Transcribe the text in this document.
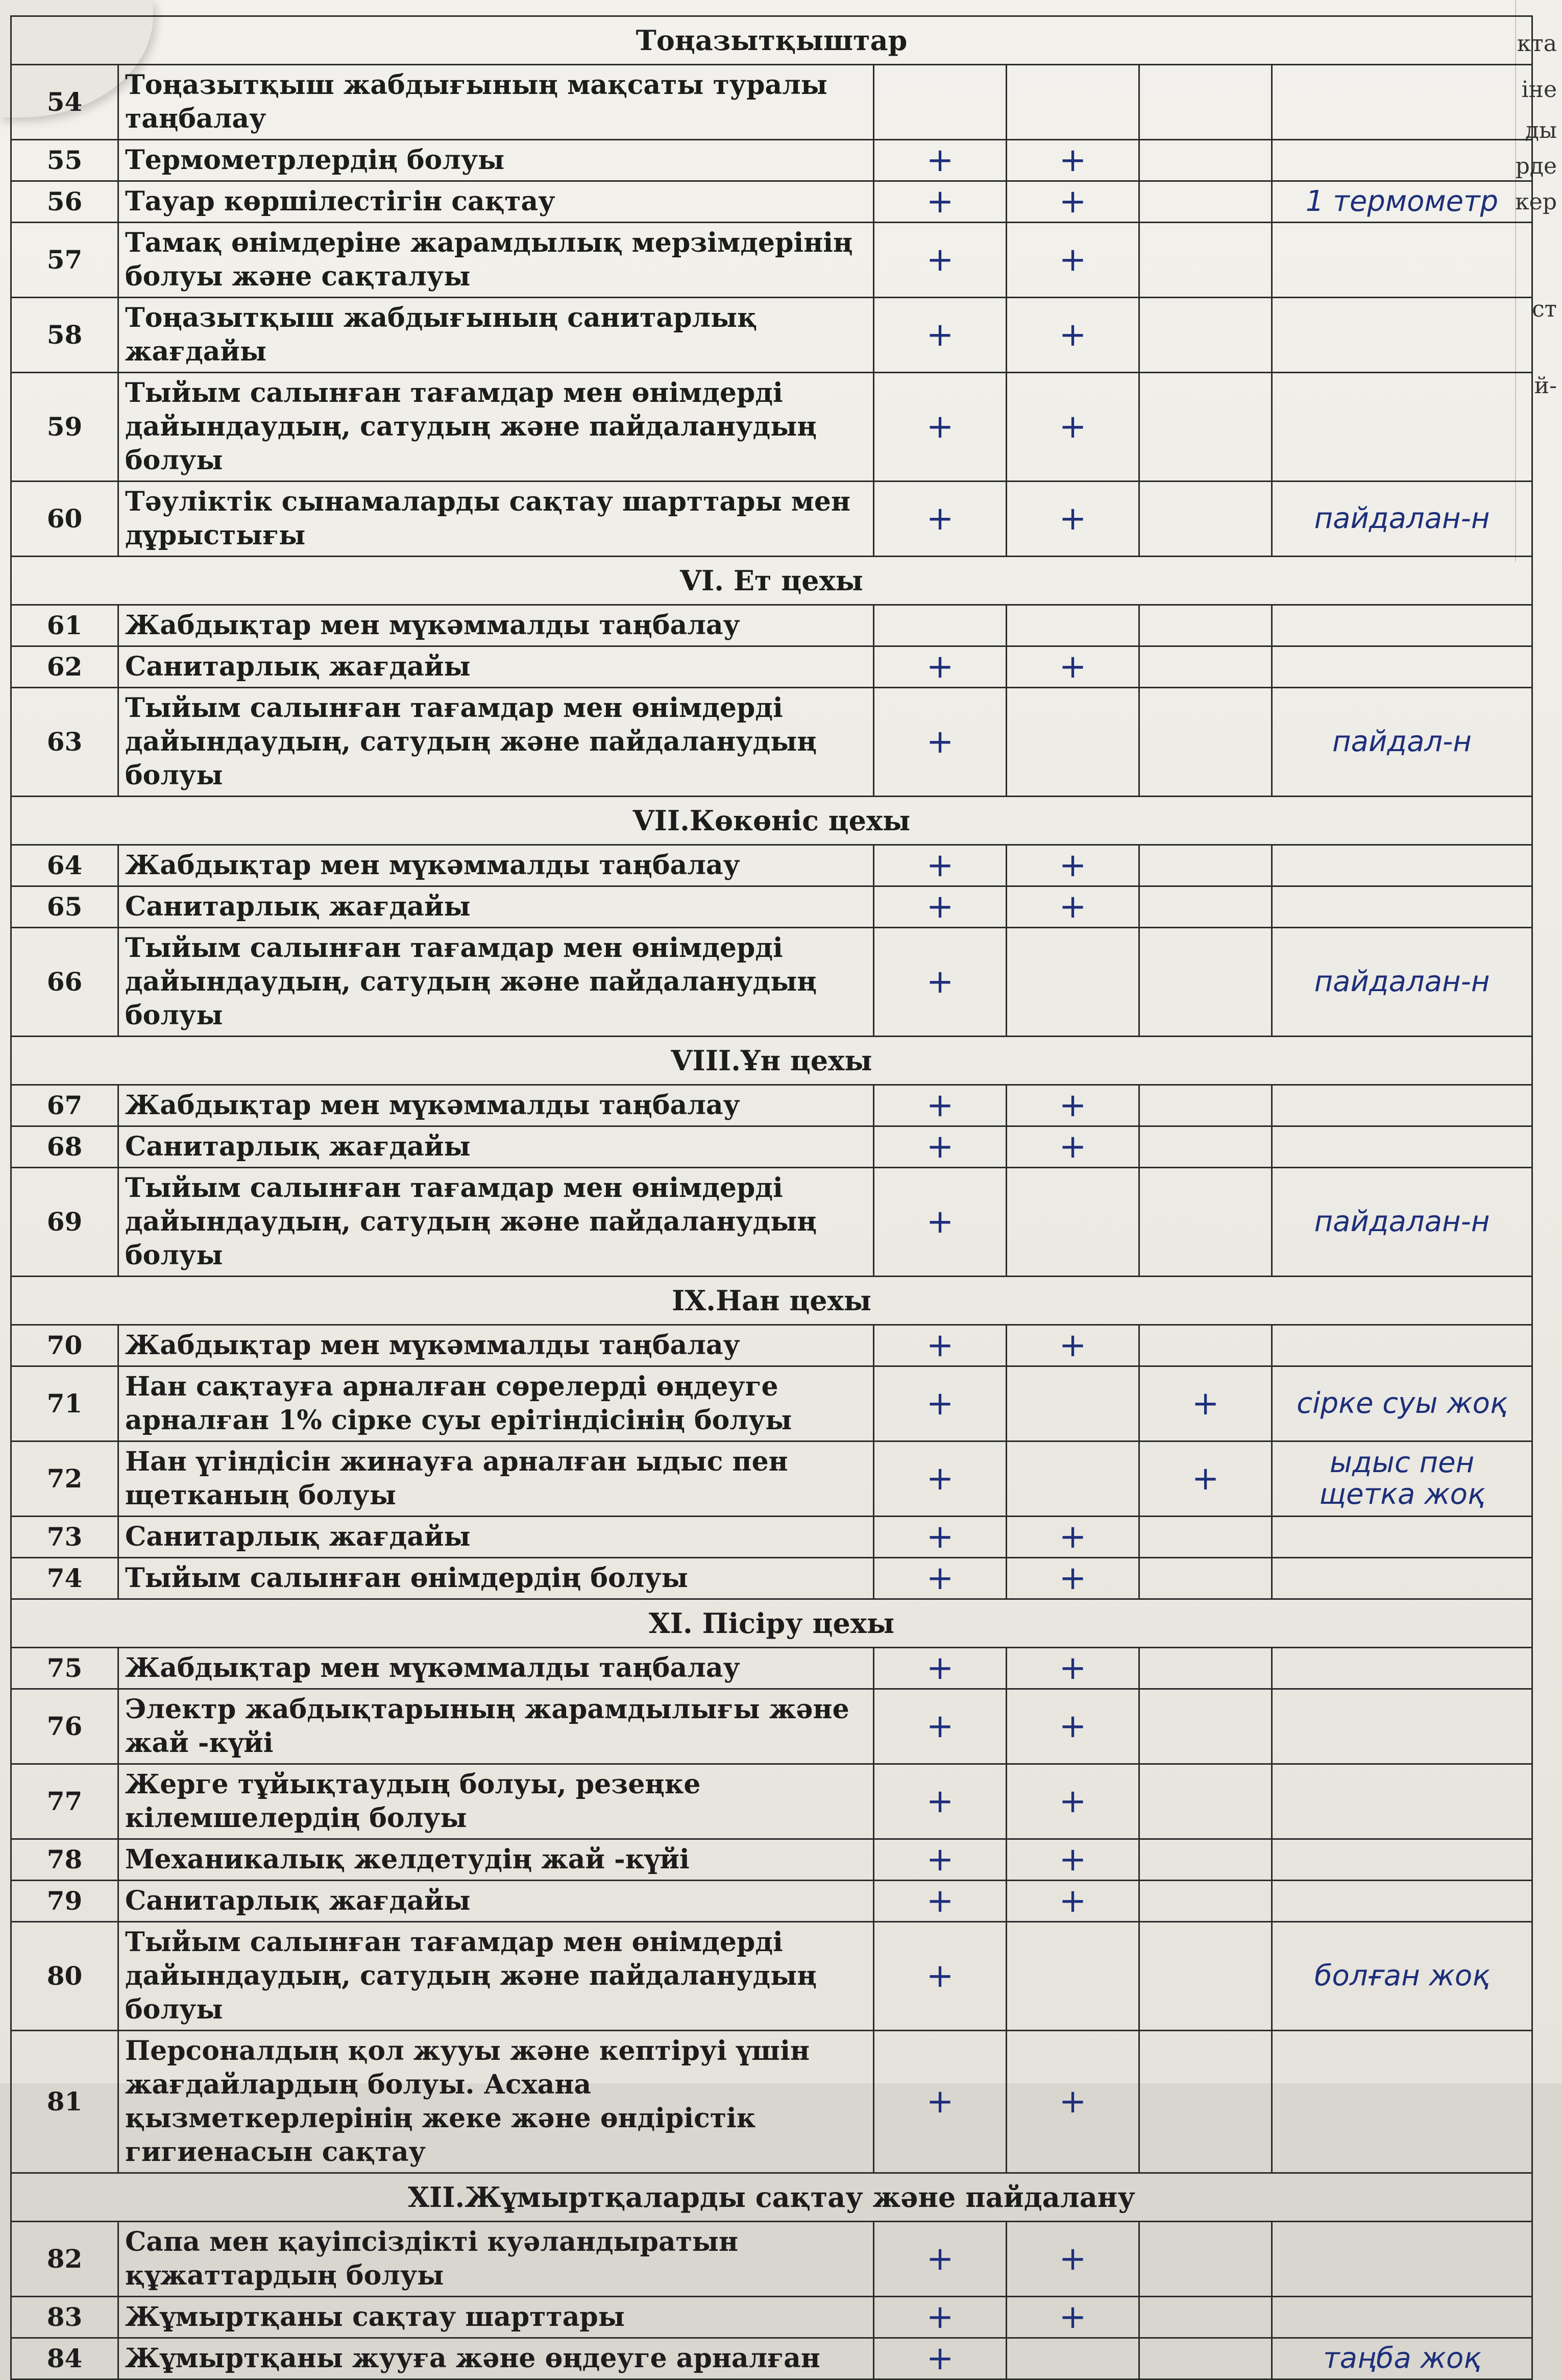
кта
іне
ды
рде
кер
ст
й-
Тоңазытқыштар					
54	Тоңазытқыш жабдығының мақсаты туралы таңбалау				
55	Термометрлердің болуы	+	+		
56	Тауар көршілестігін сақтау	+	+		1 термометр
57	Тамақ өнімдеріне жарамдылық мерзімдерінің болуы және сақталуы	+	+		
58	Тоңазытқыш жабдығының санитарлық жағдайы	+	+		
59	Тыйым салынған тағамдар мен өнімдерді дайындаудың, сатудың және пайдаланудың болуы	+	+		
60	Тәуліктік сынамаларды сақтау шарттары мен дұрыстығы	+	+		пайдалан-н
VI. Ет цехы					
61	Жабдықтар мен мүкәммалды таңбалау				
62	Санитарлық жағдайы	+	+		
63	Тыйым салынған тағамдар мен өнімдерді дайындаудың, сатудың және пайдаланудың болуы	+			пайдал-н
VII.Көкөніс цехы					
64	Жабдықтар мен мүкәммалды таңбалау	+	+		
65	Санитарлық жағдайы	+	+		
66	Тыйым салынған тағамдар мен өнімдерді дайындаудың, сатудың және пайдаланудың болуы	+			пайдалан-н
VIII.Ұн цехы					
67	Жабдықтар мен мүкәммалды таңбалау	+	+		
68	Санитарлық жағдайы	+	+		
69	Тыйым салынған тағамдар мен өнімдерді дайындаудың, сатудың және пайдаланудың болуы	+			пайдалан-н
IX.Нан цехы					
70	Жабдықтар мен мүкәммалды таңбалау	+	+		
71	Нан сақтауға арналған сөрелерді өңдеуге арналған 1% сірке суы ерітіндісінің болуы	+		+	сірке суы жоқ
72	Нан үгіндісін жинауға арналған ыдыс пен щетканың болуы	+		+	ыдыс пен щетка жоқ
73	Санитарлық жағдайы	+	+		
74	Тыйым салынған өнімдердің болуы	+	+		
XI. Пісіру цехы					
75	Жабдықтар мен мүкәммалды таңбалау	+	+		
76	Электр жабдықтарының жарамдылығы және жай -күйі	+	+		
77	Жерге тұйықтаудың болуы, резеңке кілемшелердің болуы	+	+		
78	Механикалық желдетудің жай -күйі	+	+		
79	Санитарлық жағдайы	+	+		
80	Тыйым салынған тағамдар мен өнімдерді дайындаудың, сатудың және пайдаланудың болуы	+			болған жоқ
81	Персоналдың қол жууы және кептіруі үшін жағдайлардың болуы. Асхана қызметкерлерінің жеке және өндірістік гигиенасын сақтау	+	+		
XII.Жұмыртқаларды сақтау және пайдалану					
82	Сапа мен қауіпсіздікті куәландыратын құжаттардың болуы	+	+		
83	Жұмыртқаны сақтау шарттары	+	+		
84	Жұмыртқаны жууға және өңдеуге арналған	+			таңба жоқ
